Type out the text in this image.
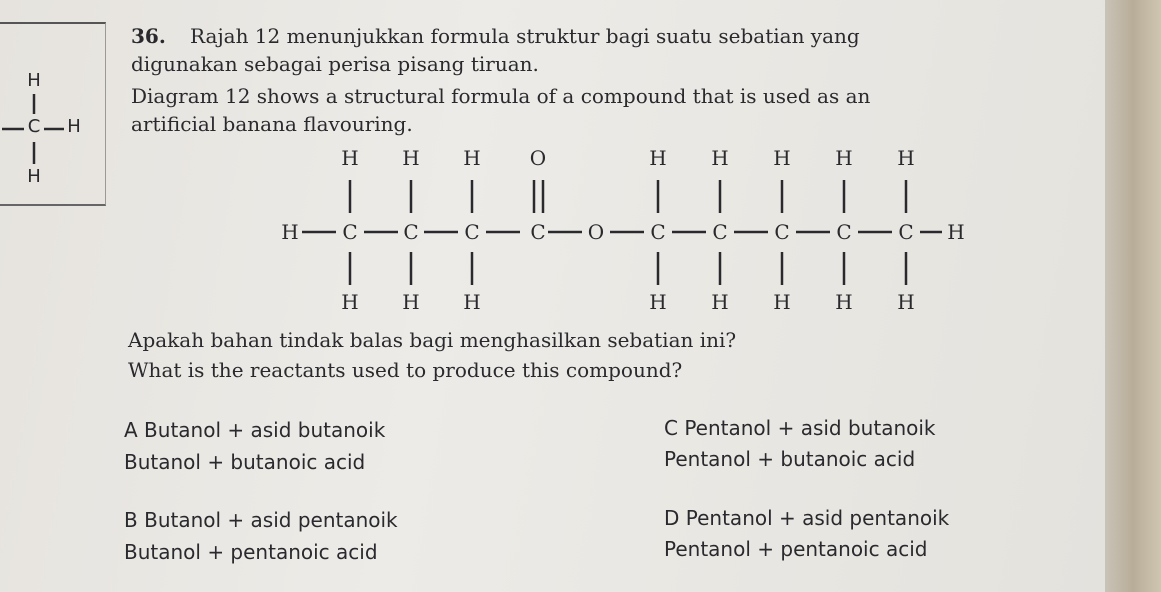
H
C	H
H
36. Rajah 12 menunjukkan formula struktur bagi suatu sebatian yang
digunakan sebagai perisa pisang tiruan.
Diagram 12 shows a structural formula of a compound that is used as an
artificial banana flavouring.
H H H O	H H H H H
H C C C	C O C C C C C H
H H H	H H H H H
Apakah bahan tindak balas bagi menghasilkan sebatian ini?
What is the reactants used to produce this compound?
A Butanol + asid butanoik
Butanol + butanoic acid
B Butanol + asid pentanoik
Butanol + pentanoic acid
C Pentanol + asid butanoik
Pentanol + butanoic acid
D Pentanol + asid pentanoik
Pentanol + pentanoic acid
